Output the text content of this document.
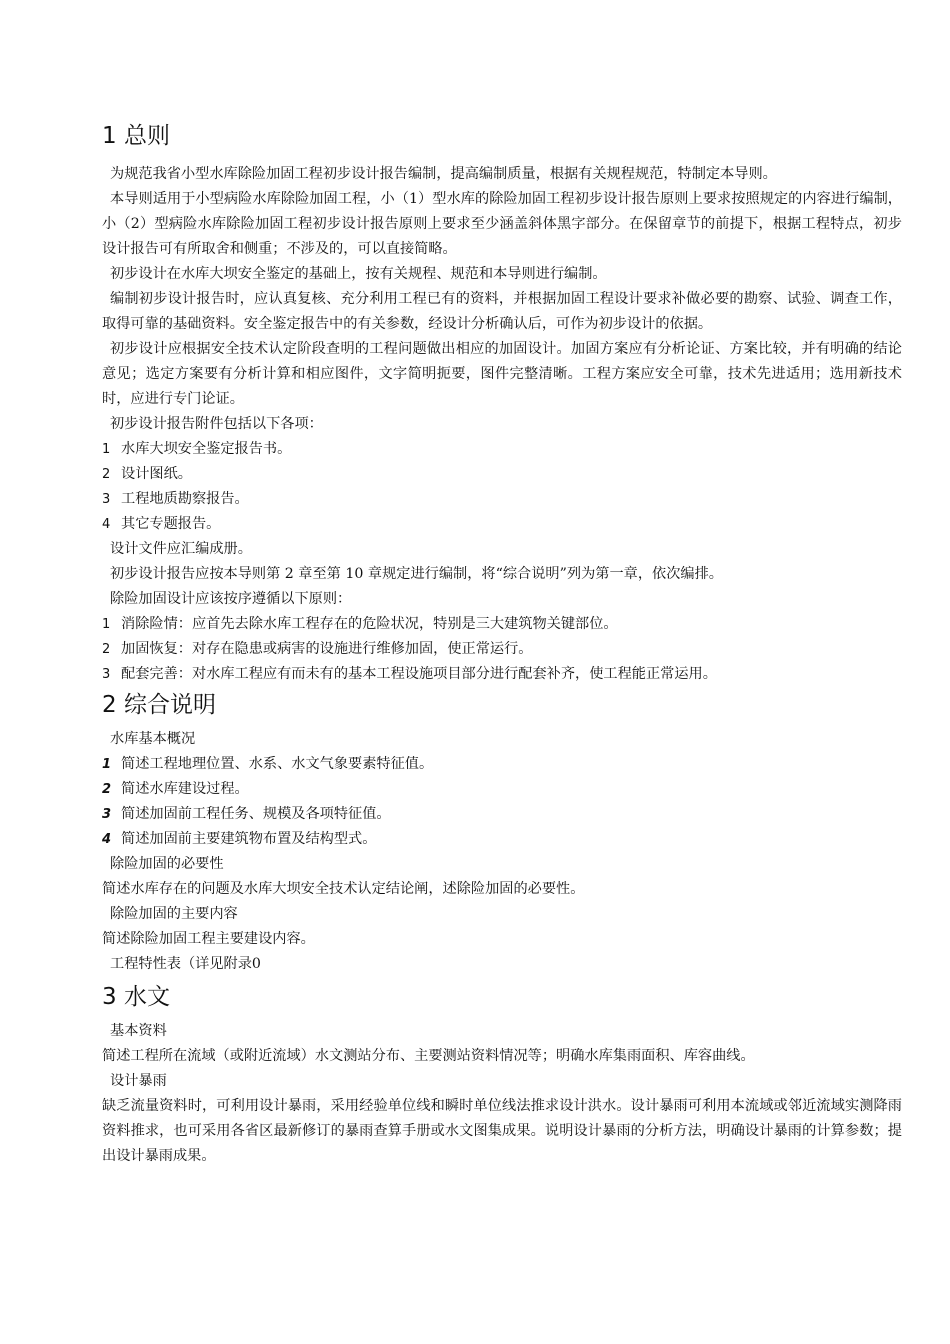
1 总则

为规范我省小型水库除险加固工程初步设计报告编制，提高编制质量，根据有关规程规范，特制定本导则。

本导则适用于小型病险水库除险加固工程，小（1）型水库的除险加固工程初步设计报告原则上要求按照规定的内容进行编制，小（2）型病险水库除险加固工程初步设计报告原则上要求至少涵盖斜体黑字部分。在保留章节的前提下，根据工程特点，初步设计报告可有所取舍和侧重；不涉及的，可以直接简略。

初步设计在水库大坝安全鉴定的基础上，按有关规程、规范和本导则进行编制。

编制初步设计报告时，应认真复核、充分利用工程已有的资料，并根据加固工程设计要求补做必要的勘察、试验、调查工作，取得可靠的基础资料。安全鉴定报告中的有关参数，经设计分析确认后，可作为初步设计的依据。

初步设计应根据安全技术认定阶段查明的工程问题做出相应的加固设计。加固方案应有分析论证、方案比较，并有明确的结论意见；选定方案要有分析计算和相应图件，文字简明扼要，图件完整清晰。工程方案应安全可靠，技术先进适用；选用新技术时，应进行专门论证。

初步设计报告附件包括以下各项：

1 水库大坝安全鉴定报告书。

2 设计图纸。

3 工程地质勘察报告。

4 其它专题报告。

设计文件应汇编成册。

初步设计报告应按本导则第 2 章至第 10 章规定进行编制，将“综合说明”列为第一章，依次编排。

除险加固设计应该按序遵循以下原则：

1 消除险情：应首先去除水库工程存在的危险状况，特别是三大建筑物关键部位。

2 加固恢复：对存在隐患或病害的设施进行维修加固，使正常运行。

3 配套完善：对水库工程应有而未有的基本工程设施项目部分进行配套补齐，使工程能正常运用。

2 综合说明

水库基本概况

1 简述工程地理位置、水系、水文气象要素特征值。

2 简述水库建设过程。

3 简述加固前工程任务、规模及各项特征值。

4 简述加固前主要建筑物布置及结构型式。

除险加固的必要性

简述水库存在的问题及水库大坝安全技术认定结论阐，述除险加固的必要性。

除险加固的主要内容

简述除险加固工程主要建设内容。

工程特性表（详见附录0

3 水文

基本资料

简述工程所在流域（或附近流域）水文测站分布、主要测站资料情况等；明确水库集雨面积、库容曲线。

设计暴雨

缺乏流量资料时，可利用设计暴雨，采用经验单位线和瞬时单位线法推求设计洪水。设计暴雨可利用本流域或邻近流域实测降雨资料推求，也可采用各省区最新修订的暴雨查算手册或水文图集成果。说明设计暴雨的分析方法，明确设计暴雨的计算参数；提出设计暴雨成果。
